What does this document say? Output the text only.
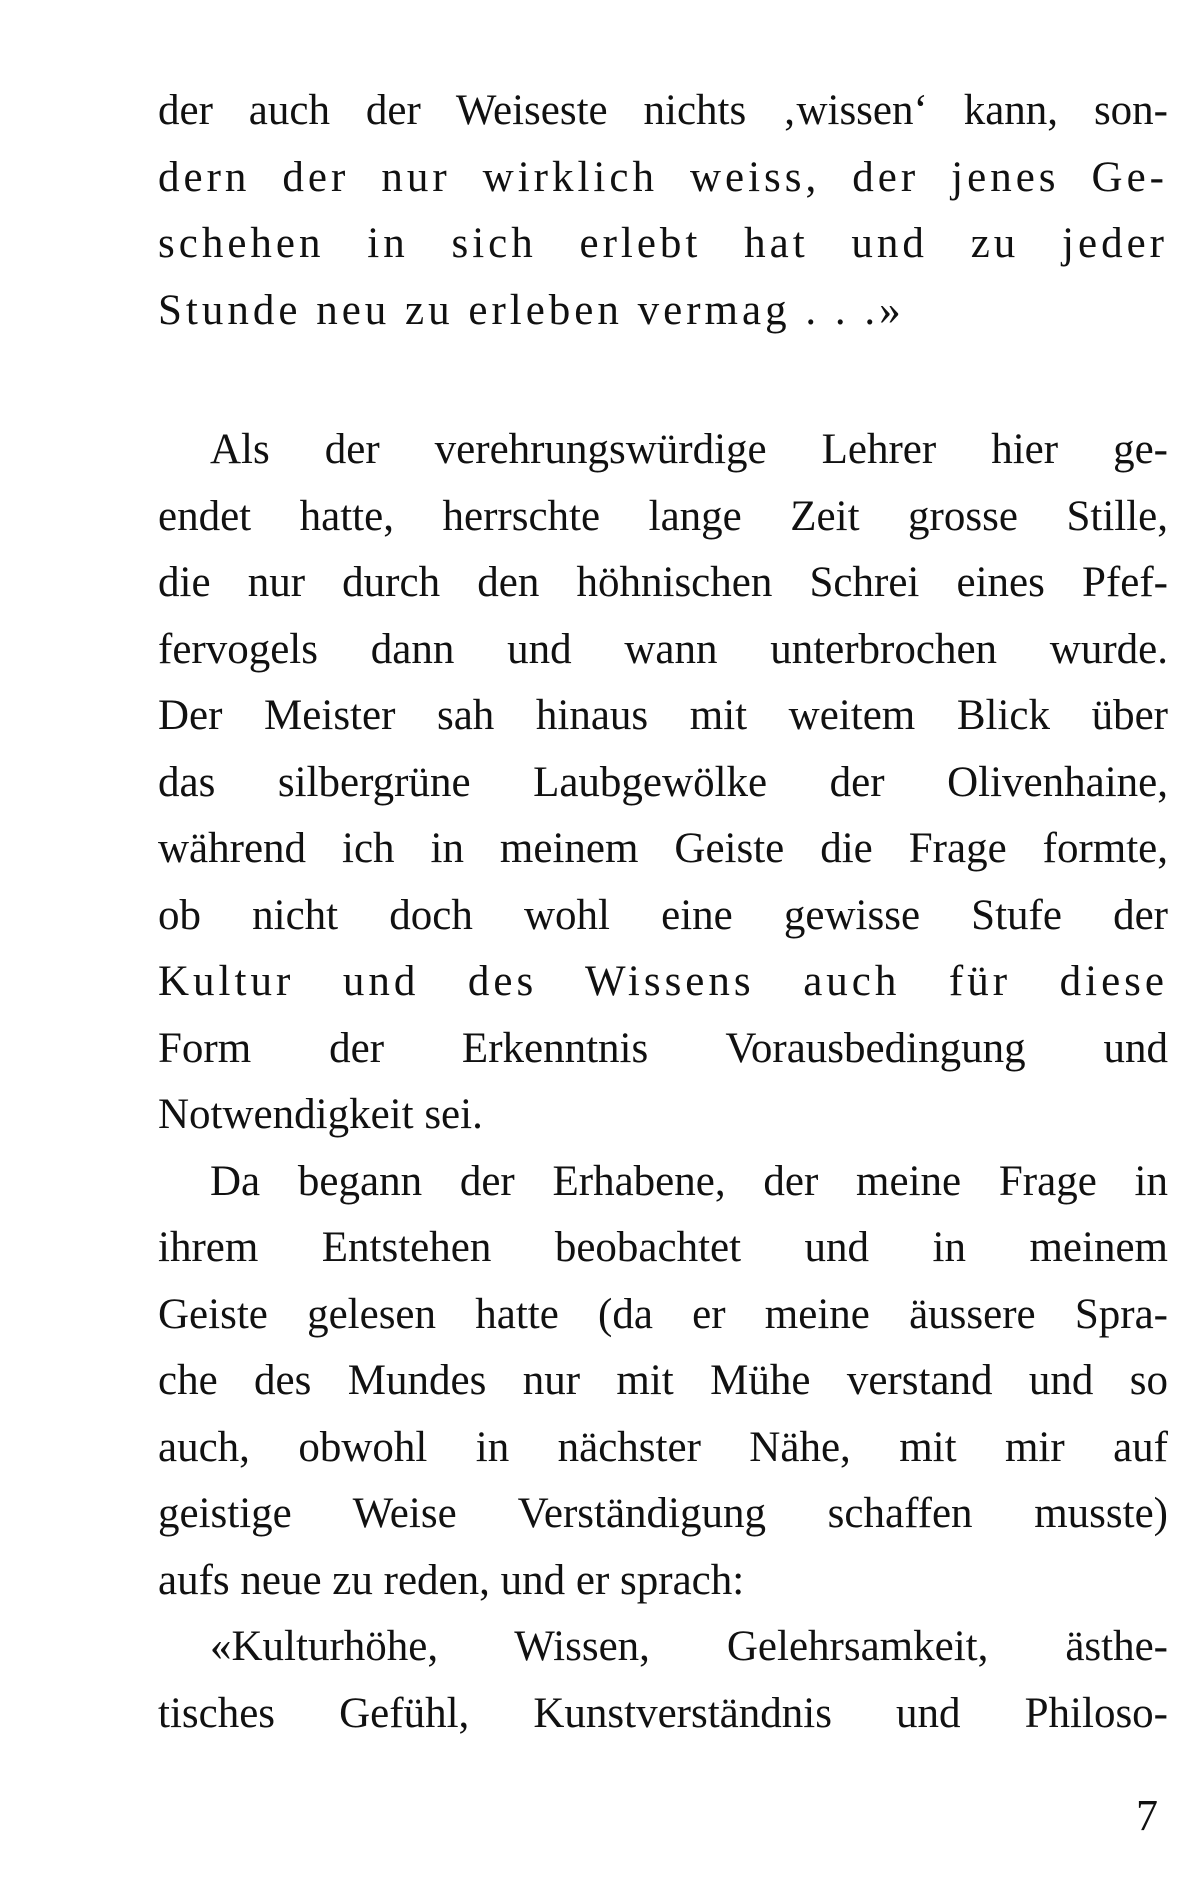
der auch der Weiseste nichts ‚wissen‘ kann, son-
dern der nur wirklich weiss, der jenes Ge-
schehen in sich erlebt hat und zu jeder
Stunde neu zu erleben vermag . . .»
Als der verehrungswürdige Lehrer hier ge-
endet hatte, herrschte lange Zeit grosse Stille,
die nur durch den höhnischen Schrei eines Pfef-
fervogels dann und wann unterbrochen wurde.
Der Meister sah hinaus mit weitem Blick über
das silbergrüne Laubgewölke der Olivenhaine,
während ich in meinem Geiste die Frage formte,
ob nicht doch wohl eine gewisse Stufe der
Kultur und des Wissens auch für diese
Form der Erkenntnis Vorausbedingung und
Notwendigkeit sei.
Da begann der Erhabene, der meine Frage in
ihrem Entstehen beobachtet und in meinem
Geiste gelesen hatte (da er meine äussere Spra-
che des Mundes nur mit Mühe verstand und so
auch, obwohl in nächster Nähe, mit mir auf
geistige Weise Verständigung schaffen musste)
aufs neue zu reden, und er sprach:
«Kulturhöhe, Wissen, Gelehrsamkeit, ästhe-
tisches Gefühl, Kunstverständnis und Philoso-
7
